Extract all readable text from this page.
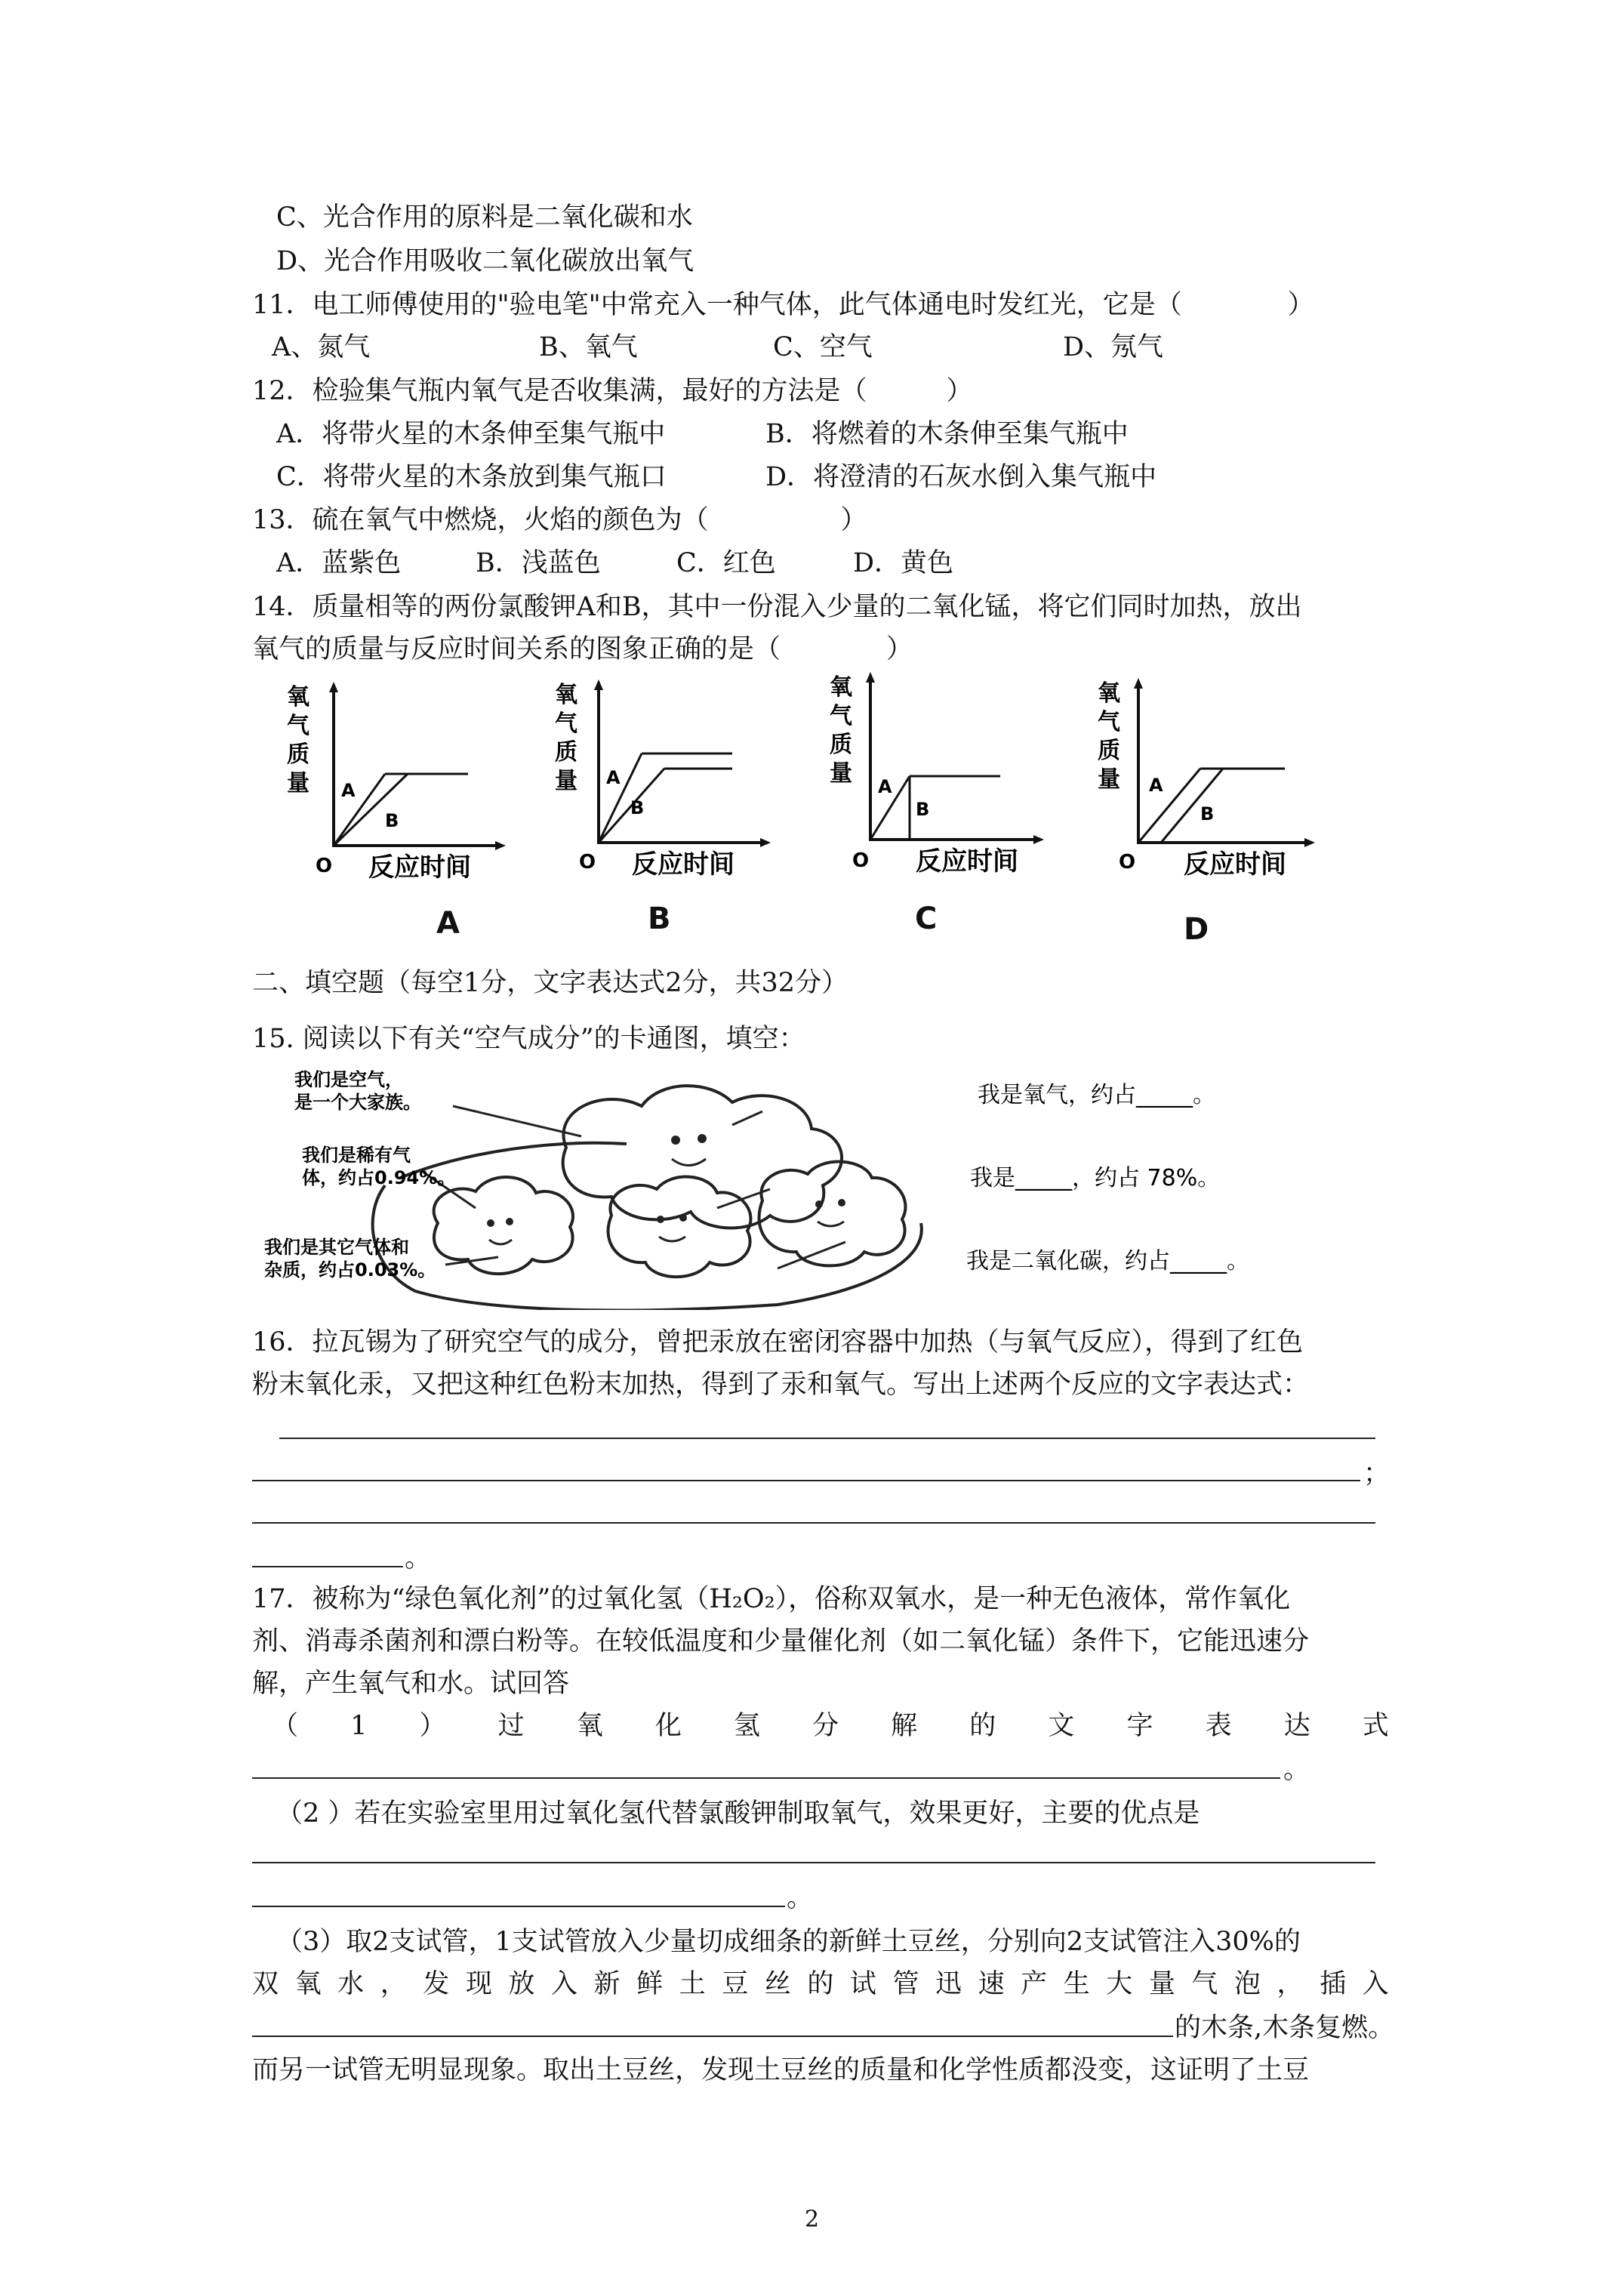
C、光合作用的原料是二氧化碳和水
D、光合作用吸收二氧化碳放出氧气
11．电工师傅使用的"验电笔"中常充入一种气体，此气体通电时发红光，它是（　　　　）
A、氮气	B、氧气	C、空气	D、氖气
12．检验集气瓶内氧气是否收集满，最好的方法是（　　　）
A．将带火星的木条伸至集气瓶中	B．将燃着的木条伸至集气瓶中
C．将带火星的木条放到集气瓶口	D．将澄清的石灰水倒入集气瓶中
13．硫在氧气中燃烧，火焰的颜色为（　　　　　）
A．蓝紫色	B．浅蓝色	C．红色	D．黄色
14．质量相等的两份氯酸钾A和B，其中一份混入少量的二氧化锰，将它们同时加热，放出
氧气的质量与反应时间关系的图象正确的是（　　　　）
氧
气
质
量 A
B
O 反应时间
A
氧
气
质
量 A
B
O 反应时间
B
氧
气
质
量 A
B
O 反应时间
C
氧
气
质
量 A
B
O 反应时间
D
二、填空题（每空1分，文字表达式2分，共32分）
15. 阅读以下有关“空气成分”的卡通图，填空：
我们是空气，
是一个大家族。
我们是稀有气
体，约占0.94%。
我们是其它气体和
杂质，约占0.03%。
我是氧气，约占_____。
我是_____，约占 78%。
我是二氧化碳，约占_____。
16．拉瓦锡为了研究空气的成分，曾把汞放在密闭容器中加热（与氧气反应），得到了红色
粉末氧化汞，又把这种红色粉末加热，得到了汞和氧气。写出上述两个反应的文字表达式：
；
。
17．被称为“绿色氧化剂”的过氧化氢（H₂O₂），俗称双氧水，是一种无色液体，常作氧化
剂、消毒杀菌剂和漂白粉等。在较低温度和少量催化剂（如二氧化锰）条件下，它能迅速分
解，产生氧气和水。试回答
（ 1 ） 过 氧 化 氢 分 解 的 文 字 表 达 式
。
（2 ）若在实验室里用过氧化氢代替氯酸钾制取氧气，效果更好，主要的优点是
。
（3）取2支试管，1支试管放入少量切成细条的新鲜土豆丝，分别向2支试管注入30%的
双 氧 水 ， 发 现 放 入 新 鲜 土 豆 丝 的 试 管 迅 速 产 生 大 量 气 泡 ， 插 入
的木条,木条复燃。
而另一试管无明显现象。取出土豆丝，发现土豆丝的质量和化学性质都没变，这证明了土豆
2
